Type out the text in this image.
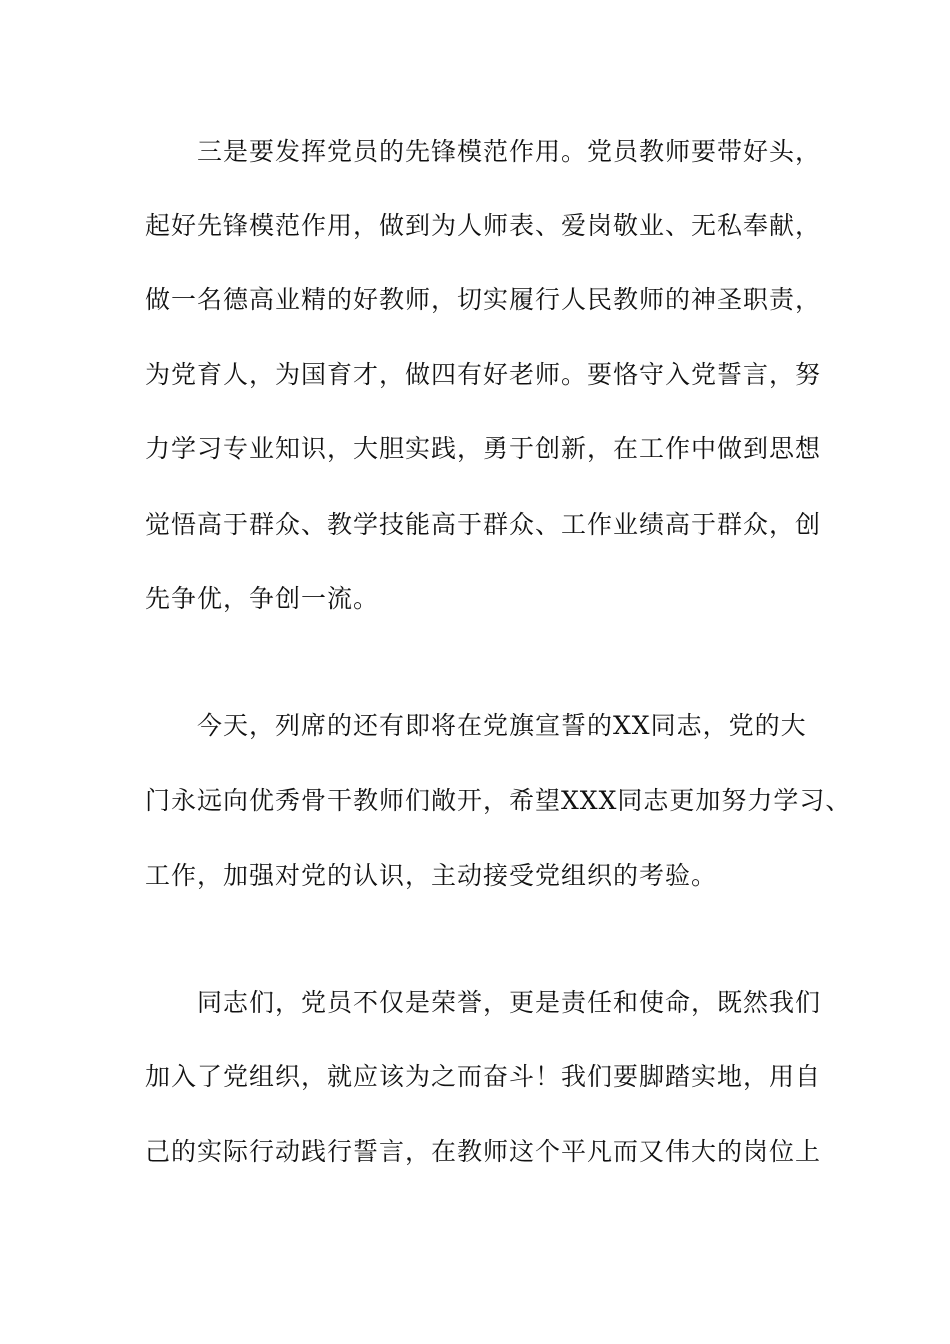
三是要发挥党员的先锋模范作用。党员教师要带好头，
起好先锋模范作用，做到为人师表、爱岗敬业、无私奉献，
做一名德高业精的好教师，切实履行人民教师的神圣职责，
为党育人，为国育才，做四有好老师。要恪守入党誓言，努
力学习专业知识，大胆实践，勇于创新，在工作中做到思想
觉悟高于群众、教学技能高于群众、工作业绩高于群众，创
先争优，争创一流。
今天，列席的还有即将在党旗宣誓的XX同志，党的大
门永远向优秀骨干教师们敞开，希望XXX同志更加努力学习、
工作，加强对党的认识，主动接受党组织的考验。
同志们，党员不仅是荣誉，更是责任和使命，既然我们
加入了党组织，就应该为之而奋斗！我们要脚踏实地，用自
己的实际行动践行誓言，在教师这个平凡而又伟大的岗位上
